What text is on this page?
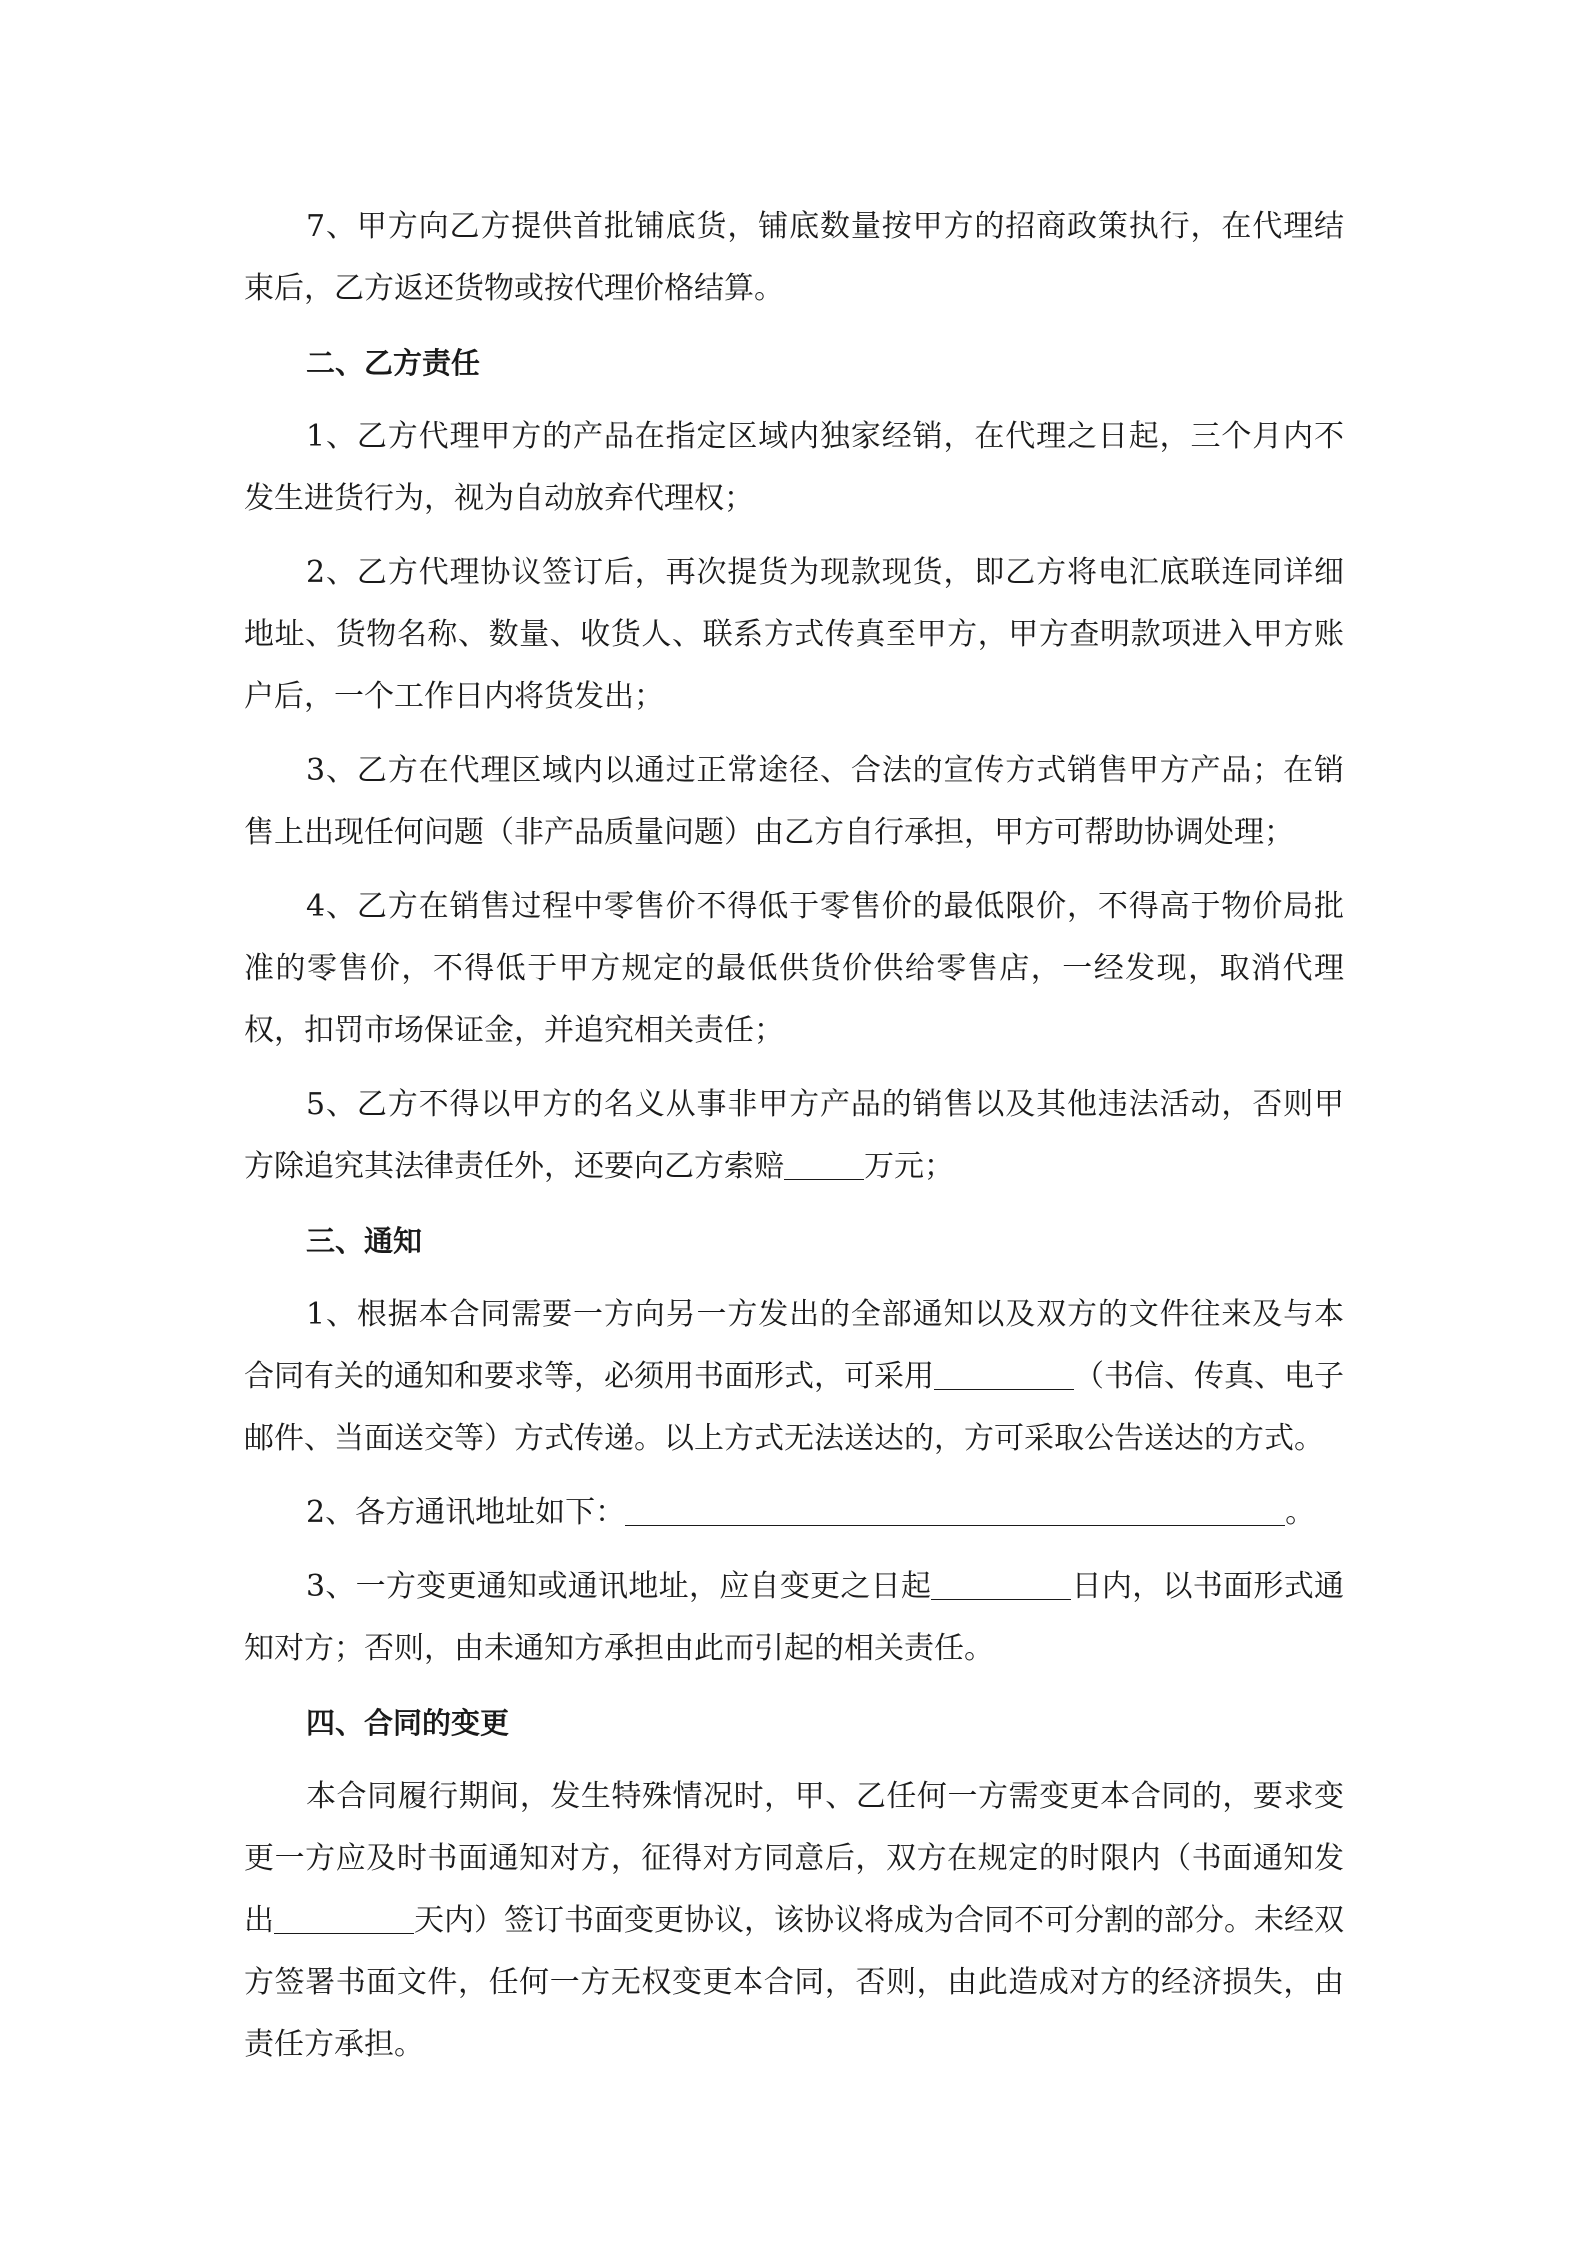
7、甲方向乙方提供首批铺底货，铺底数量按甲方的招商政策执行，在代理结束后，乙方返还货物或按代理价格结算。

二、乙方责任

1、乙方代理甲方的产品在指定区域内独家经销，在代理之日起，三个月内不发生进货行为，视为自动放弃代理权；

2、乙方代理协议签订后，再次提货为现款现货，即乙方将电汇底联连同详细地址、货物名称、数量、收货人、联系方式传真至甲方，甲方查明款项进入甲方账户后，一个工作日内将货发出；

3、乙方在代理区域内以通过正常途径、合法的宣传方式销售甲方产品；在销售上出现任何问题（非产品质量问题）由乙方自行承担，甲方可帮助协调处理；

4、乙方在销售过程中零售价不得低于零售价的最低限价，不得高于物价局批准的零售价，不得低于甲方规定的最低供货价供给零售店，一经发现，取消代理权，扣罚市场保证金，并追究相关责任；

5、乙方不得以甲方的名义从事非甲方产品的销售以及其他违法活动，否则甲方除追究其法律责任外，还要向乙方索赔	万元；

三、通知

1、根据本合同需要一方向另一方发出的全部通知以及双方的文件往来及与本合同有关的通知和要求等，必须用书面形式，可采用	（书信、传真、电子邮件、当面送交等）方式传递。以上方式无法送达的，方可采取公告送达的方式。

2、各方通讯地址如下：	。

3、一方变更通知或通讯地址，应自变更之日起	日内，以书面形式通知对方；否则，由未通知方承担由此而引起的相关责任。

四、合同的变更

本合同履行期间，发生特殊情况时，甲、乙任何一方需变更本合同的，要求变更一方应及时书面通知对方，征得对方同意后，双方在规定的时限内（书面通知发出	天内）签订书面变更协议，该协议将成为合同不可分割的部分。未经双方签署书面文件，任何一方无权变更本合同，否则，由此造成对方的经济损失，由责任方承担。
